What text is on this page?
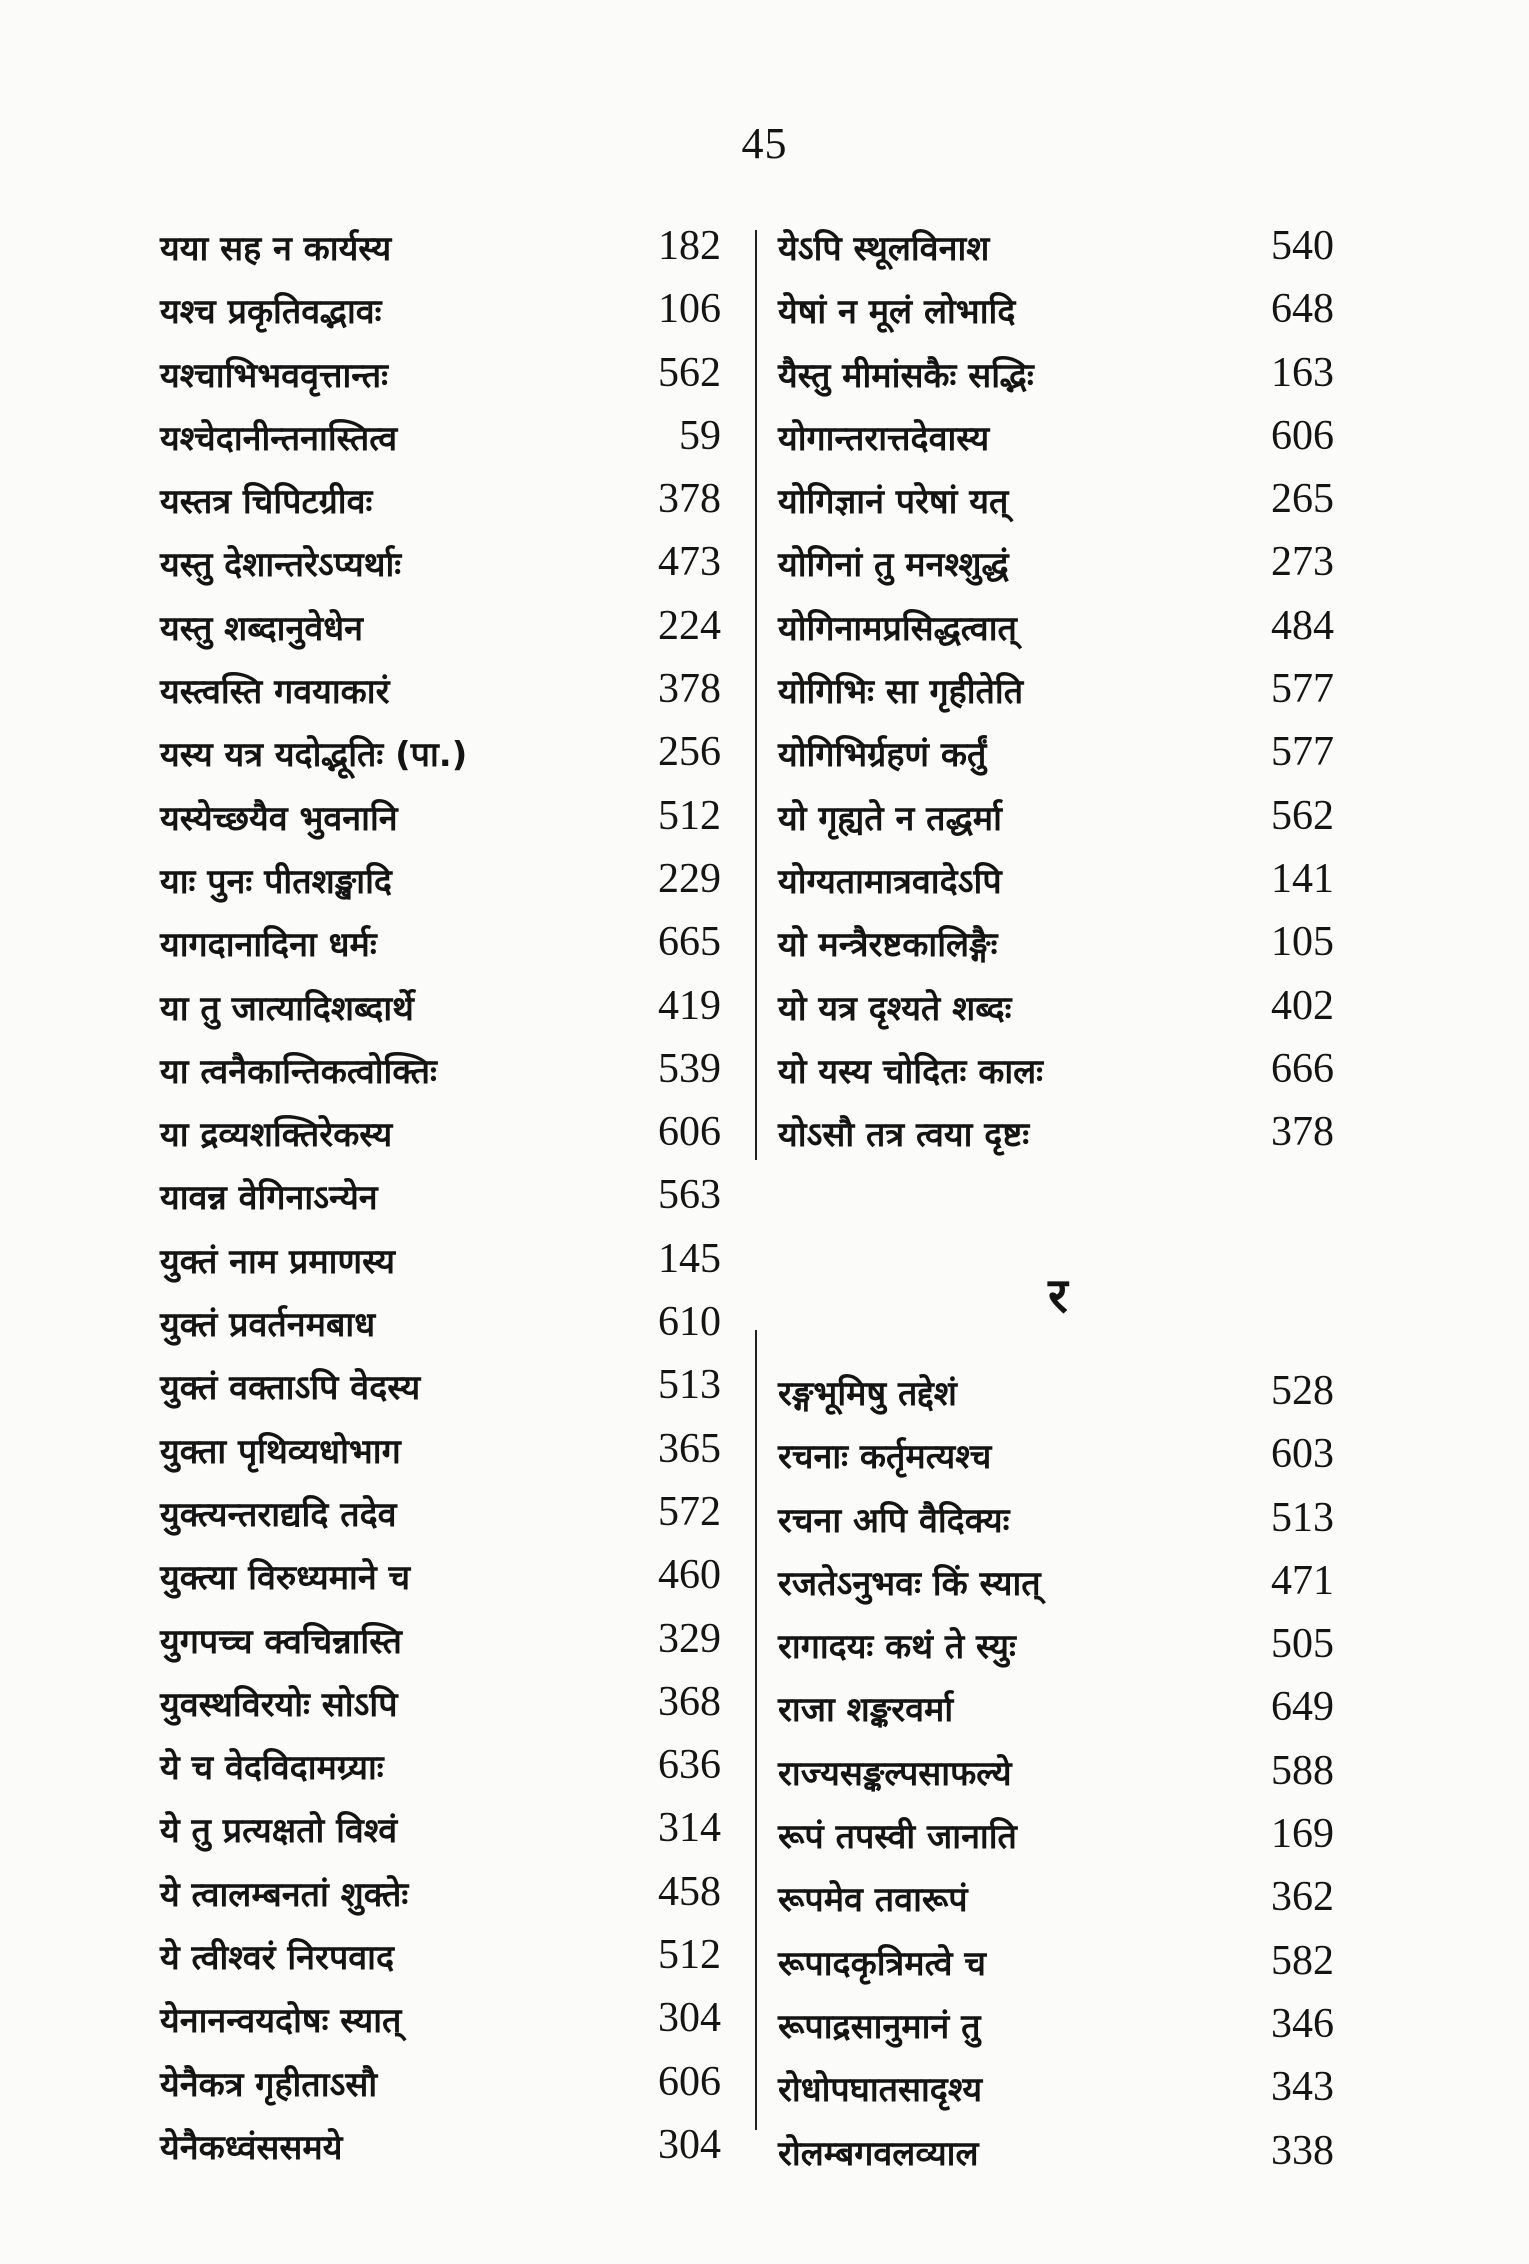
45
यया सह न कार्यस्य	182
यश्च प्रकृतिवद्भावः	106
यश्चाभिभववृत्तान्तः	562
यश्चेदानीन्तनास्तित्व	59
यस्तत्र चिपिटग्रीवः	378
यस्तु देशान्तरेऽप्यर्थाः	473
यस्तु शब्दानुवेधेन	224
यस्त्वस्ति गवयाकारं	378
यस्य यत्र यदोद्भूतिः (पा.)	256
यस्येच्छयैव भुवनानि	512
याः पुनः पीतशङ्खादि	229
यागदानादिना धर्मः	665
या तु जात्यादिशब्दार्थे	419
या त्वनैकान्तिकत्वोक्तिः	539
या द्रव्यशक्तिरेकस्य	606
यावन्न वेगिनाऽन्येन	563
युक्तं नाम प्रमाणस्य	145
युक्तं प्रवर्तनमबाध	610
युक्तं वक्ताऽपि वेदस्य	513
युक्ता पृथिव्यधोभाग	365
युक्त्यन्तराद्यदि तदेव	572
युक्त्या विरुध्यमाने च	460
युगपच्च क्वचिन्नास्ति	329
युवस्थविरयोः सोऽपि	368
ये च वेदविदामग्र्याः	636
ये तु प्रत्यक्षतो विश्वं	314
ये त्वालम्बनतां शुक्तेः	458
ये त्वीश्वरं निरपवाद	512
येनानन्वयदोषः स्यात्	304
येनैकत्र गृहीताऽसौ	606
येनैकध्वंससमये	304
येऽपि स्थूलविनाश	540
येषां न मूलं लोभादि	648
यैस्तु मीमांसकैः सद्भिः	163
योगान्तरात्तदेवास्य	606
योगिज्ञानं परेषां यत्	265
योगिनां तु मनश्शुद्धं	273
योगिनामप्रसिद्धत्वात्	484
योगिभिः सा गृहीतेति	577
योगिभिर्ग्रहणं कर्तुं	577
यो गृह्यते न तद्धर्मा	562
योग्यतामात्रवादेऽपि	141
यो मन्त्रैरष्टकालिङ्गैः	105
यो यत्र दृश्यते शब्दः	402
यो यस्य चोदितः कालः	666
योऽसौ तत्र त्वया दृष्टः	378
र
रङ्गभूमिषु तद्देशं	528
रचनाः कर्तृमत्यश्च	603
रचना अपि वैदिक्यः	513
रजतेऽनुभवः किं स्यात्	471
रागादयः कथं ते स्युः	505
राजा शङ्करवर्मा	649
राज्यसङ्कल्पसाफल्ये	588
रूपं तपस्वी जानाति	169
रूपमेव तवारूपं	362
रूपादकृत्रिमत्वे च	582
रूपाद्रसानुमानं तु	346
रोधोपघातसादृश्य	343
रोलम्बगवलव्याल	338
